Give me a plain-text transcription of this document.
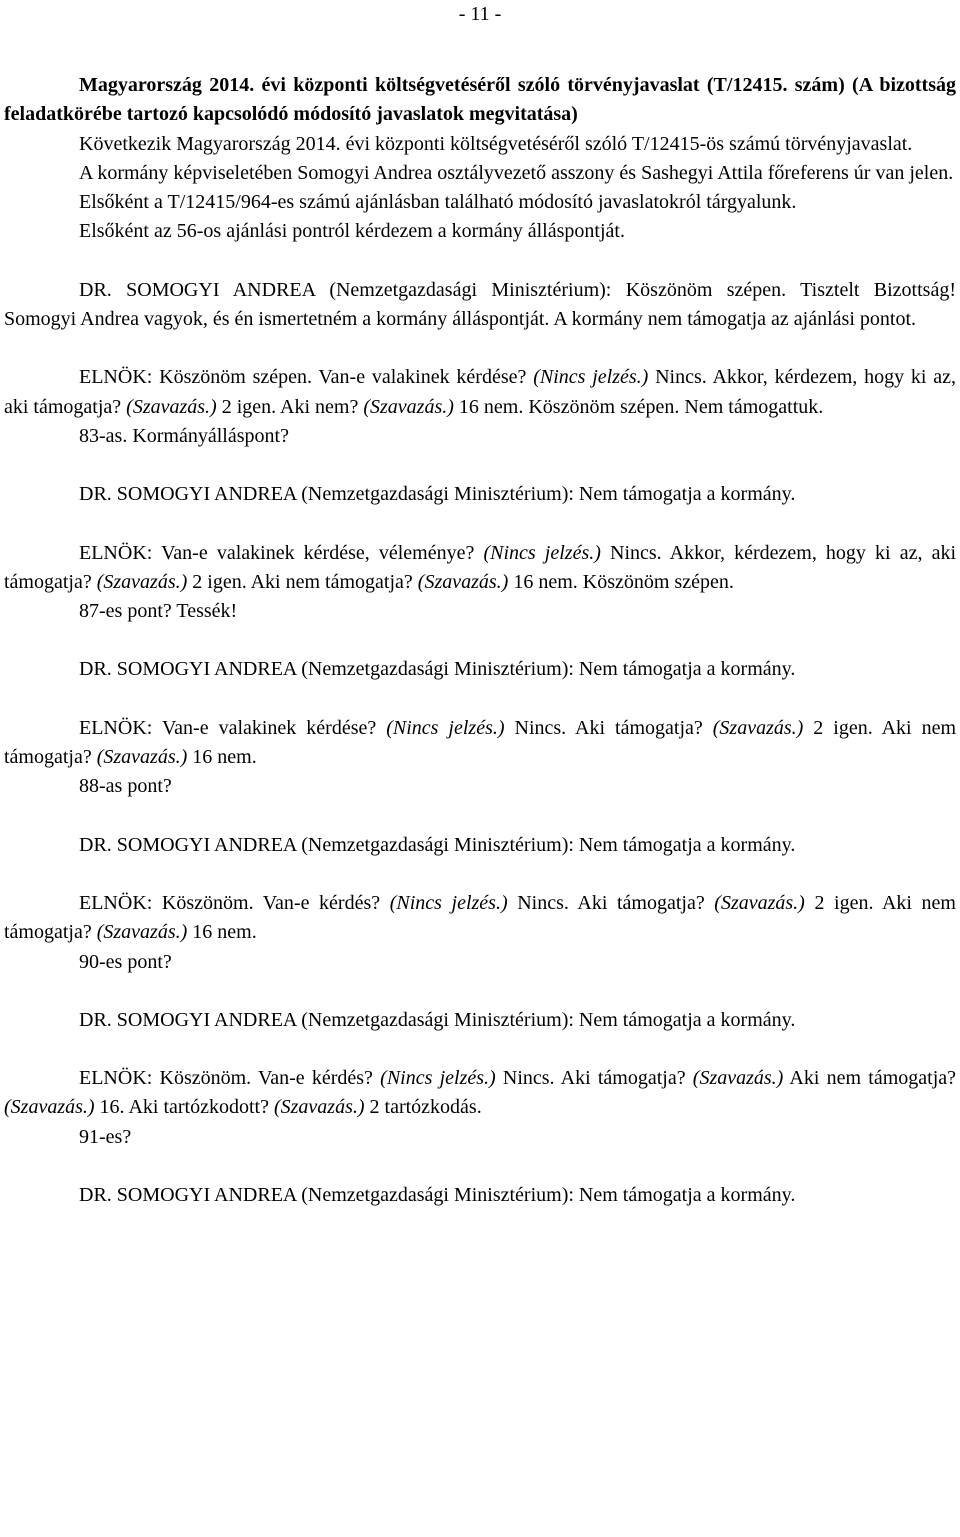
- 11 -

Magyarország 2014. évi központi költségvetéséről szóló törvényjavaslat (T/12415. szám) (A bizottság feladatkörébe tartozó kapcsolódó módosító javaslatok megvitatása)

Következik Magyarország 2014. évi központi költségvetéséről szóló T/12415-ös számú törvényjavaslat.

A kormány képviseletében Somogyi Andrea osztályvezető asszony és Sashegyi Attila főreferens úr van jelen.

Elsőként a T/12415/964-es számú ajánlásban található módosító javaslatokról tárgyalunk.

Elsőként az 56-os ajánlási pontról kérdezem a kormány álláspontját.

DR. SOMOGYI ANDREA (Nemzetgazdasági Minisztérium): Köszönöm szépen. Tisztelt Bizottság! Somogyi Andrea vagyok, és én ismertetném a kormány álláspontját. A kormány nem támogatja az ajánlási pontot.

ELNÖK: Köszönöm szépen. Van-e valakinek kérdése? (Nincs jelzés.) Nincs. Akkor, kérdezem, hogy ki az, aki támogatja? (Szavazás.) 2 igen. Aki nem? (Szavazás.) 16 nem. Köszönöm szépen. Nem támogattuk.

83-as. Kormányálláspont?

DR. SOMOGYI ANDREA (Nemzetgazdasági Minisztérium): Nem támogatja a kormány.

ELNÖK: Van-e valakinek kérdése, véleménye? (Nincs jelzés.) Nincs. Akkor, kérdezem, hogy ki az, aki támogatja? (Szavazás.) 2 igen. Aki nem támogatja? (Szavazás.) 16 nem. Köszönöm szépen.

87-es pont? Tessék!

DR. SOMOGYI ANDREA (Nemzetgazdasági Minisztérium): Nem támogatja a kormány.

ELNÖK: Van-e valakinek kérdése? (Nincs jelzés.) Nincs. Aki támogatja? (Szavazás.) 2 igen. Aki nem támogatja? (Szavazás.) 16 nem.

88-as pont?

DR. SOMOGYI ANDREA (Nemzetgazdasági Minisztérium): Nem támogatja a kormány.

ELNÖK: Köszönöm. Van-e kérdés? (Nincs jelzés.) Nincs. Aki támogatja? (Szavazás.) 2 igen. Aki nem támogatja? (Szavazás.) 16 nem.

90-es pont?

DR. SOMOGYI ANDREA (Nemzetgazdasági Minisztérium): Nem támogatja a kormány.

ELNÖK: Köszönöm. Van-e kérdés? (Nincs jelzés.) Nincs. Aki támogatja? (Szavazás.) Aki nem támogatja? (Szavazás.) 16. Aki tartózkodott? (Szavazás.) 2 tartózkodás.

91-es?

DR. SOMOGYI ANDREA (Nemzetgazdasági Minisztérium): Nem támogatja a kormány.
